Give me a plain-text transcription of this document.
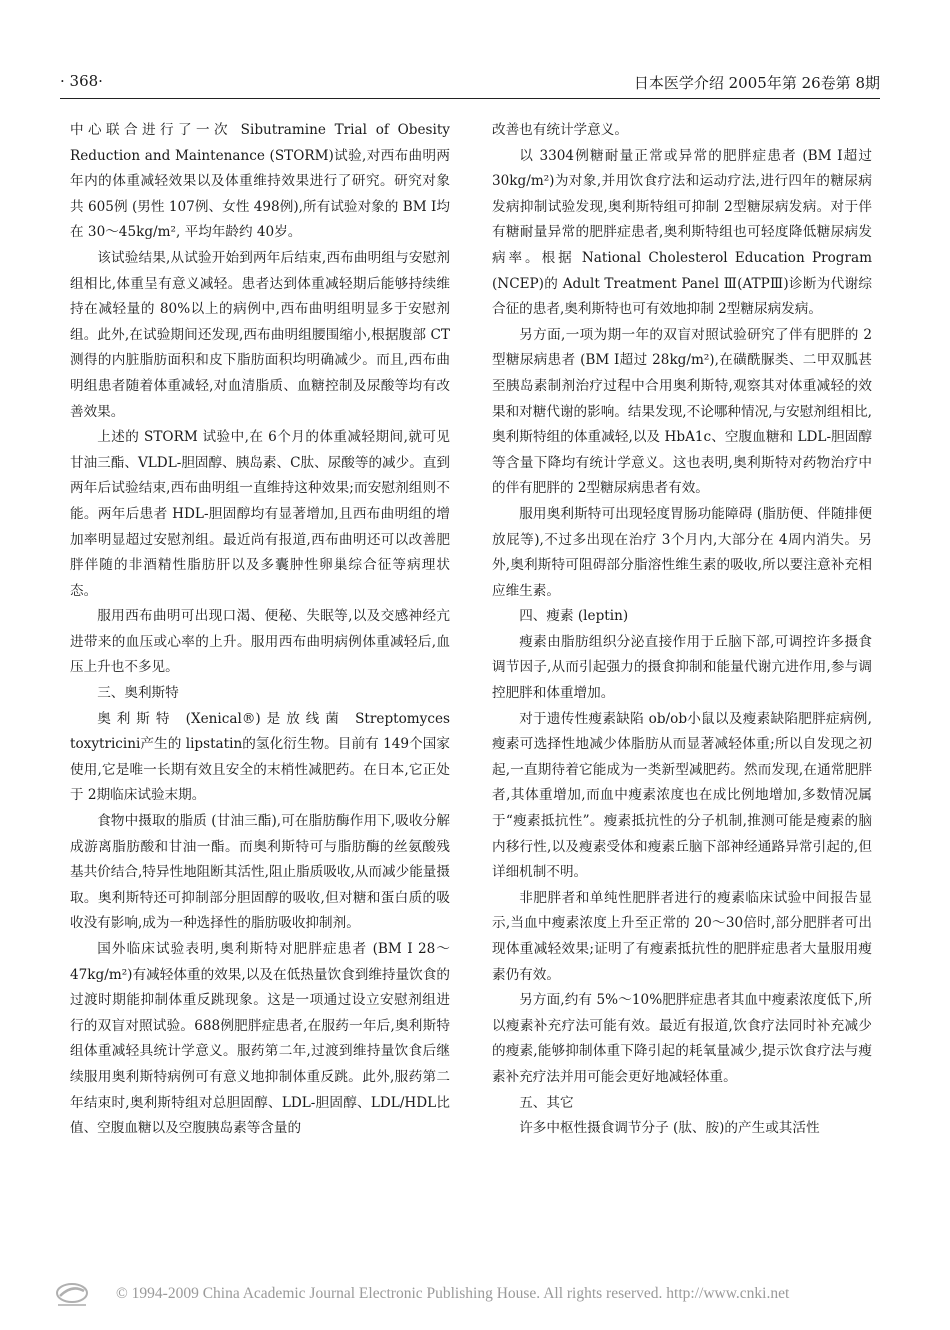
· 368·	日本医学介绍 2005年第 26卷第 8期

中心联合进行了一次 Sibutramine Trial of Obesity Reduction and Maintenance (STORM)试验,对西布曲明两年内的体重减轻效果以及体重维持效果进行了研究。研究对象共 605例 (男性 107例、女性 498例),所有试验对象的 BM I均在 30～45kg/m², 平均年龄约 40岁。

该试验结果,从试验开始到两年后结束,西布曲明组与安慰剂组相比,体重呈有意义减轻。患者达到体重减轻期后能够持续维持在减轻量的 80%以上的病例中,西布曲明组明显多于安慰剂组。此外,在试验期间还发现,西布曲明组腰围缩小,根据腹部 CT测得的内脏脂肪面积和皮下脂肪面积均明确减少。而且,西布曲明组患者随着体重减轻,对血清脂质、血糖控制及尿酸等均有改善效果。

上述的 STORM 试验中,在 6个月的体重减轻期间,就可见甘油三酯、VLDL-胆固醇、胰岛素、C肽、尿酸等的减少。直到两年后试验结束,西布曲明组一直维持这种效果;而安慰剂组则不能。两年后患者 HDL-胆固醇均有显著增加,且西布曲明组的增加率明显超过安慰剂组。最近尚有报道,西布曲明还可以改善肥胖伴随的非酒精性脂肪肝以及多囊肿性卵巢综合征等病理状态。

服用西布曲明可出现口渴、便秘、失眠等,以及交感神经亢进带来的血压或心率的上升。服用西布曲明病例体重减轻后,血压上升也不多见。

三、奥利斯特

奥利斯特 (Xenical®)是放线菌 Streptomyces toxytricini产生的 lipstatin的氢化衍生物。目前有 149个国家使用,它是唯一长期有效且安全的末梢性减肥药。在日本,它正处于 2期临床试验末期。

食物中摄取的脂质 (甘油三酯),可在脂肪酶作用下,吸收分解成游离脂肪酸和甘油一酯。而奥利斯特可与脂肪酶的丝氨酸残基共价结合,特异性地阻断其活性,阻止脂质吸收,从而减少能量摄取。奥利斯特还可抑制部分胆固醇的吸收,但对糖和蛋白质的吸收没有影响,成为一种选择性的脂肪吸收抑制剂。

国外临床试验表明,奥利斯特对肥胖症患者 (BM I 28～47kg/m²)有减轻体重的效果,以及在低热量饮食到维持量饮食的过渡时期能抑制体重反跳现象。这是一项通过设立安慰剂组进行的双盲对照试验。688例肥胖症患者,在服药一年后,奥利斯特组体重减轻具统计学意义。服药第二年,过渡到维持量饮食后继续服用奥利斯特病例可有意义地抑制体重反跳。此外,服药第二年结束时,奥利斯特组对总胆固醇、LDL-胆固醇、LDL/HDL比值、空腹血糖以及空腹胰岛素等含量的

改善也有统计学意义。

以 3304例糖耐量正常或异常的肥胖症患者 (BM I超过 30kg/m²)为对象,并用饮食疗法和运动疗法,进行四年的糖尿病发病抑制试验发现,奥利斯特组可抑制 2型糖尿病发病。对于伴有糖耐量异常的肥胖症患者,奥利斯特组也可轻度降低糖尿病发病率。根据 National Cholesterol Education Program (NCEP)的 Adult Treatment Panel Ⅲ(ATPⅢ)诊断为代谢综合征的患者,奥利斯特也可有效地抑制 2型糖尿病发病。

另方面,一项为期一年的双盲对照试验研究了伴有肥胖的 2型糖尿病患者 (BM I超过 28kg/m²),在磺酰脲类、二甲双胍甚至胰岛素制剂治疗过程中合用奥利斯特,观察其对体重减轻的效果和对糖代谢的影响。结果发现,不论哪种情况,与安慰剂组相比,奥利斯特组的体重减轻,以及 HbA1c、空腹血糖和 LDL-胆固醇等含量下降均有统计学意义。这也表明,奥利斯特对药物治疗中的伴有肥胖的 2型糖尿病患者有效。

服用奥利斯特可出现轻度胃肠功能障碍 (脂肪便、伴随排便放屁等),不过多出现在治疗 3个月内,大部分在 4周内消失。另外,奥利斯特可阻碍部分脂溶性维生素的吸收,所以要注意补充相应维生素。

四、瘦素 (leptin)

瘦素由脂肪组织分泌直接作用于丘脑下部,可调控许多摄食调节因子,从而引起强力的摄食抑制和能量代谢亢进作用,参与调控肥胖和体重增加。

对于遗传性瘦素缺陷 ob/ob小鼠以及瘦素缺陷肥胖症病例,瘦素可选择性地减少体脂肪从而显著减轻体重;所以自发现之初起,一直期待着它能成为一类新型减肥药。然而发现,在通常肥胖者,其体重增加,而血中瘦素浓度也在成比例地增加,多数情况属于“瘦素抵抗性”。瘦素抵抗性的分子机制,推测可能是瘦素的脑内移行性,以及瘦素受体和瘦素丘脑下部神经通路异常引起的,但详细机制不明。

非肥胖者和单纯性肥胖者进行的瘦素临床试验中间报告显示,当血中瘦素浓度上升至正常的 20～30倍时,部分肥胖者可出现体重减轻效果;证明了有瘦素抵抗性的肥胖症患者大量服用瘦素仍有效。

另方面,约有 5%～10%肥胖症患者其血中瘦素浓度低下,所以瘦素补充疗法可能有效。最近有报道,饮食疗法同时补充减少的瘦素,能够抑制体重下降引起的耗氧量减少,提示饮食疗法与瘦素补充疗法并用可能会更好地减轻体重。

五、其它

许多中枢性摄食调节分子 (肽、胺)的产生或其活性

© 1994-2009 China Academic Journal Electronic Publishing House. All rights reserved. http://www.cnki.net
